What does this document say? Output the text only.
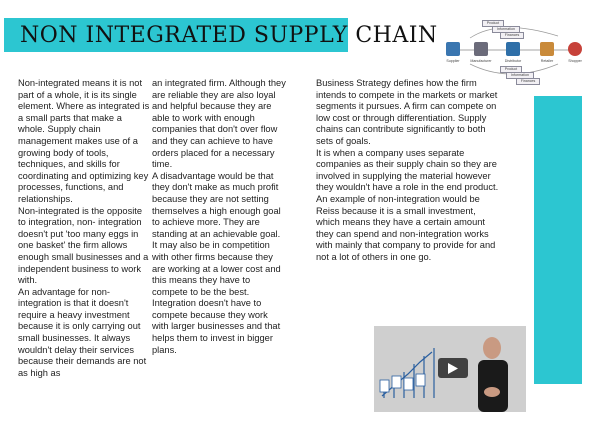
NON INTEGRATED SUPPLY CHAIN	Product
Information
Finances
Product
Information
Finances
Supplier	Manufacturer	Distributor	Retailer	Shopper

Non-integrated means it is not part of a whole, it is its single element. Where as integrated is a small parts that make a

whole. Supply chain management makes use of a growing body of tools, techniques, and skills for coordinating and optimizing key processes, functions, and relationships.

Non-integrated is the opposite to integration, non- integration doesn't put 'too many eggs in one basket' the firm allows enough small businesses and a independent business to work with.

An advantage for non-integration is that it doesn't require a heavy investment because it is only carrying out small businesses. It always wouldn't delay their services because their demands are not as high as

an integrated firm. Although they are reliable they are also loyal and helpful because they are able to work with enough companies that don't over flow and they can achieve to have orders placed for a necessary time.

A disadvantage would be that they don't make as much profit because they are not setting themselves a high enough goal to achieve more. They are standing at an achievable goal. It may also be in competition with other firms because they are working at a lower cost and this means they have to compete to be the best. Integration doesn't have to compete because they work with larger businesses and that helps them to invest in bigger plans.

Business Strategy defines how the firm intends to compete in the markets or market segments it pursues. A firm can compete on low cost or through differentiation. Supply chains can contribute significantly to both sets of goals.

It is when a company uses separate companies as their supply chain so they are involved in supplying the material however they wouldn't have a role in the end product.

An example of non-integration would be Reiss because it is a small investment, which means they have a certain amount they can spend and non-integration works with mainly that company to provide for and not a lot of others in one go.
